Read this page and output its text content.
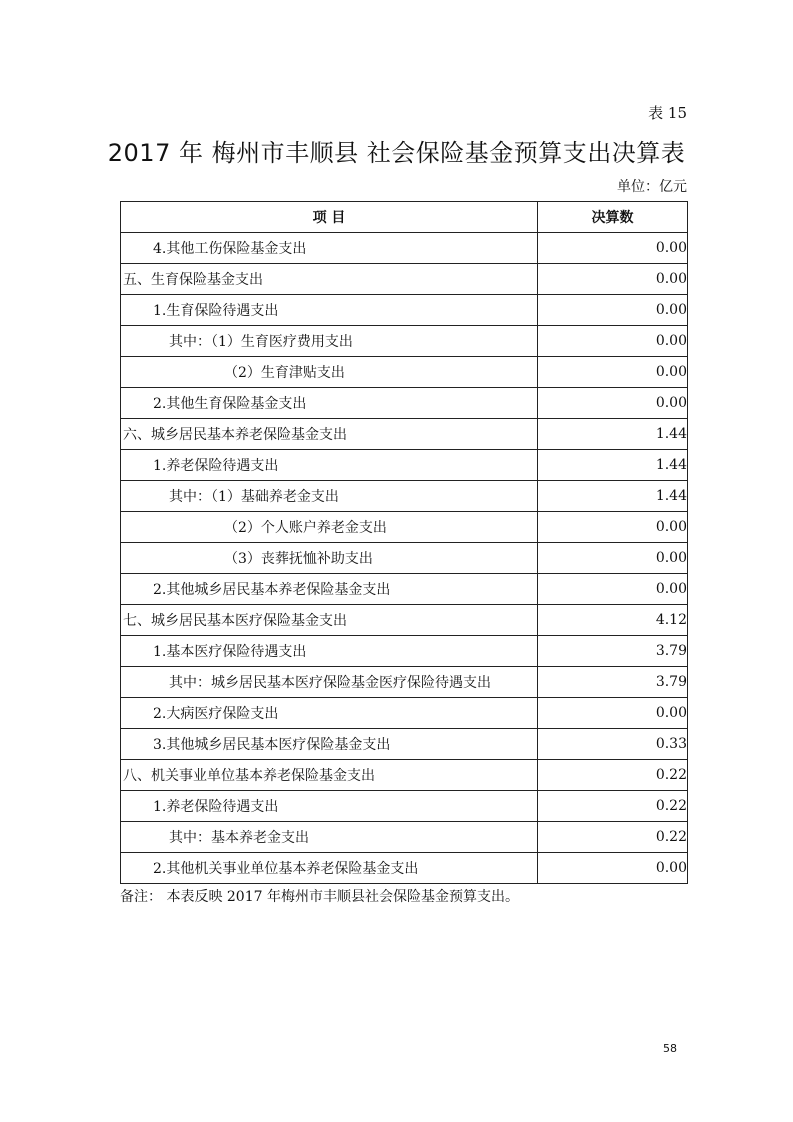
表 15
2017 年 梅州市丰顺县 社会保险基金预算支出决算表
单位：亿元
项 目	决算数
4.其他工伤保险基金支出	0.00
五、生育保险基金支出	0.00
1.生育保险待遇支出	0.00
其中：（1）生育医疗费用支出	0.00
（2）生育津贴支出	0.00
2.其他生育保险基金支出	0.00
六、城乡居民基本养老保险基金支出	1.44
1.养老保险待遇支出	1.44
其中：（1）基础养老金支出	1.44
（2）个人账户养老金支出	0.00
（3）丧葬抚恤补助支出	0.00
2.其他城乡居民基本养老保险基金支出	0.00
七、城乡居民基本医疗保险基金支出	4.12
1.基本医疗保险待遇支出	3.79
其中：城乡居民基本医疗保险基金医疗保险待遇支出	3.79
2.大病医疗保险支出	0.00
3.其他城乡居民基本医疗保险基金支出	0.33
八、机关事业单位基本养老保险基金支出	0.22
1.养老保险待遇支出	0.22
其中：基本养老金支出	0.22
2.其他机关事业单位基本养老保险基金支出	0.00
备注： 本表反映 2017 年梅州市丰顺县社会保险基金预算支出。
58
